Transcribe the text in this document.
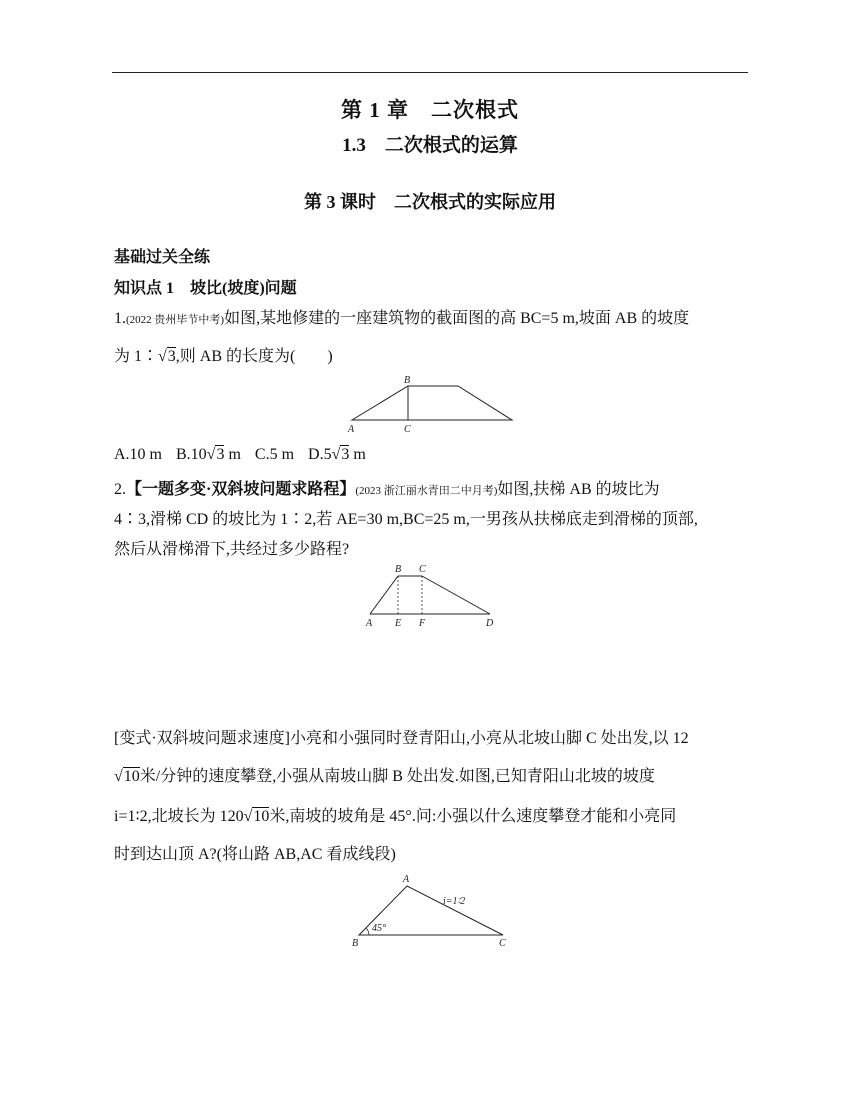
第 1 章　二次根式
1.3　二次根式的运算
第 3 课时　二次根式的实际应用
基础过关全练
知识点 1　坡比(坡度)问题
1.(2022 贵州毕节中考)如图,某地修建的一座建筑物的截面图的高 BC=5 m,坡面 AB 的坡度
为 1∶√3,则 AB 的长度为(　　)
A
B
C
A.10 m B.10√3 m C.5 m D.5√3 m
2.【一题多变·双斜坡问题求路程】(2023 浙江丽水青田二中月考)如图,扶梯 AB 的坡比为
4∶3,滑梯 CD 的坡比为 1∶2,若 AE=30 m,BC=25 m,一男孩从扶梯底走到滑梯的顶部,
然后从滑梯滑下,共经过多少路程?
A
B C
D
E F
[变式·双斜坡问题求速度]小亮和小强同时登青阳山,小亮从北坡山脚 C 处出发,以 12
√10米/分钟的速度攀登,小强从南坡山脚 B 处出发.如图,已知青阳山北坡的坡度
i=1∶2,北坡长为 120√10米,南坡的坡角是 45°.问:小强以什么速度攀登才能和小亮同
时到达山顶 A?(将山路 AB,AC 看成线段)
A
B	C
i=1∶2
45°
